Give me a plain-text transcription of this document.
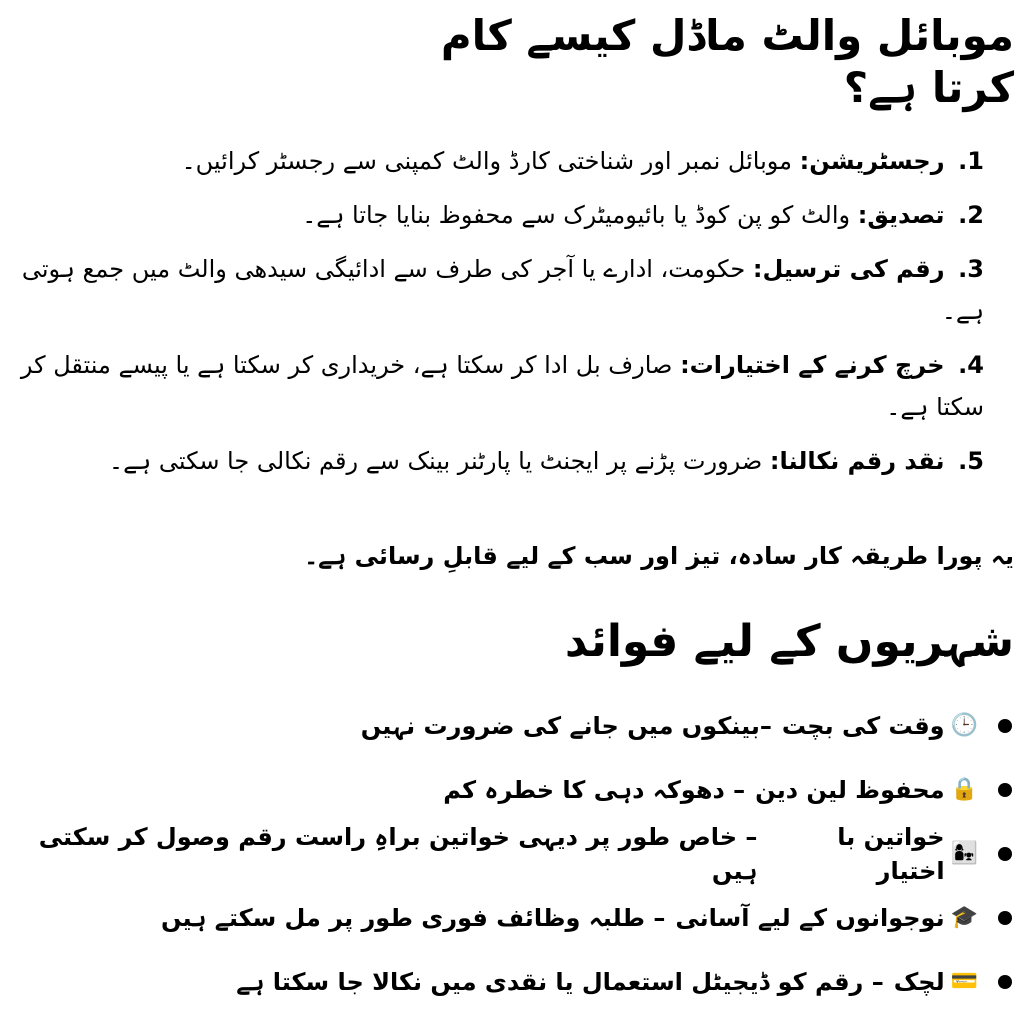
موبائل والٹ ماڈل کیسے کام کرتا ہے؟
1. رجسٹریشن: موبائل نمبر اور شناختی کارڈ والٹ کمپنی سے رجسٹر کرائیں۔
2. تصدیق: والٹ کو پن کوڈ یا بائیومیٹرک سے محفوظ بنایا جاتا ہے۔
3. رقم کی ترسیل: حکومت، ادارے یا آجر کی طرف سے ادائیگی سیدھی والٹ میں جمع ہوتی ہے۔
4. خرچ کرنے کے اختیارات: صارف بل ادا کر سکتا ہے، خریداری کر سکتا ہے یا پیسے منتقل کر سکتا ہے۔
5. نقد رقم نکالنا: ضرورت پڑنے پر ایجنٹ یا پارٹنر بینک سے رقم نکالی جا سکتی ہے۔
یہ پورا طریقہ کار سادہ، تیز اور سب کے لیے قابلِ رسائی ہے۔
شہریوں کے لیے فوائد
🕒
وقت کی بچت
–بینکوں میں جانے کی ضرورت نہیں
🔒
محفوظ لین دین
– دھوکہ دہی کا خطرہ کم
👩‍👧
خواتین با اختیار
– خاص طور پر دیہی خواتین براہِ راست رقم وصول کر سکتی ہیں
🎓
نوجوانوں کے لیے آسانی
– طلبہ وظائف فوری طور پر مل سکتے ہیں
💳
لچک
– رقم کو ڈیجیٹل استعمال یا نقدی میں نکالا جا سکتا ہے
